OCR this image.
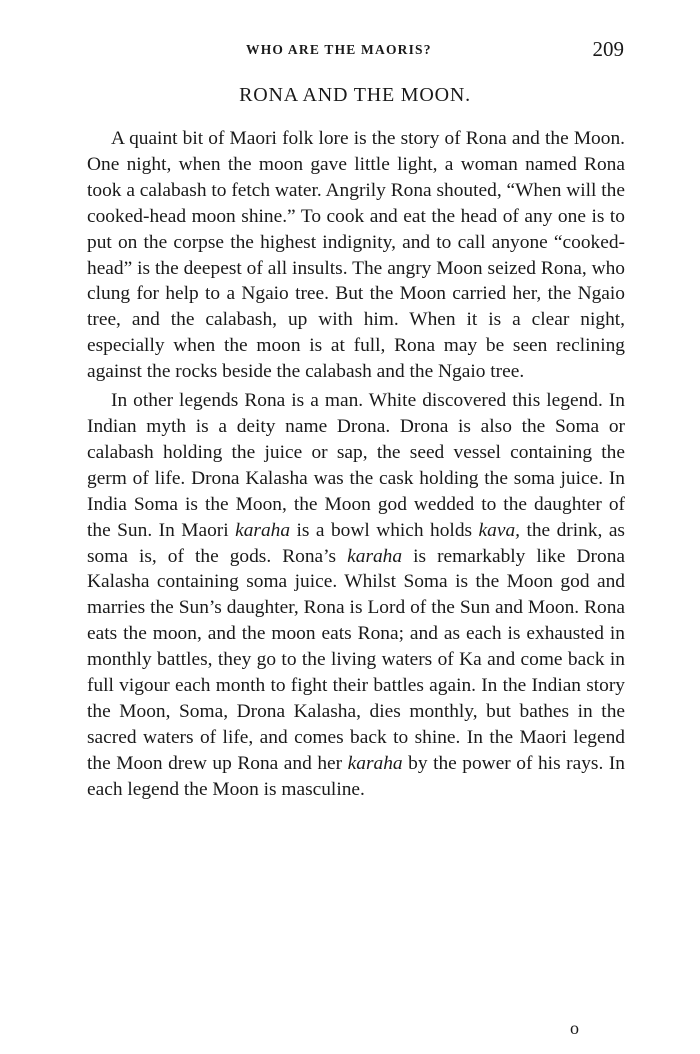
WHO ARE THE MAORIS?	209
RONA AND THE MOON.

A quaint bit of Maori folk lore is the story of Rona and the Moon. One night, when the moon gave little light, a woman named Rona took a calabash to fetch water. Angrily Rona shouted, “When will the cooked-head moon shine.” To cook and eat the head of any one is to put on the corpse the highest indignity, and to call anyone “cooked-head” is the deepest of all insults. The angry Moon seized Rona, who clung for help to a Ngaio tree. But the Moon carried her, the Ngaio tree, and the calabash, up with him. When it is a clear night, especially when the moon is at full, Rona may be seen reclining against the rocks beside the calabash and the Ngaio tree.

In other legends Rona is a man. White discovered this legend. In Indian myth is a deity name Drona. Drona is also the Soma or calabash holding the juice or sap, the seed vessel containing the germ of life. Drona Kalasha was the cask holding the soma juice. In India Soma is the Moon, the Moon god wedded to the daughter of the Sun. In Maori karaha is a bowl which holds kava, the drink, as soma is, of the gods. Rona’s karaha is remarkably like Drona Kalasha containing soma juice. Whilst Soma is the Moon god and marries the Sun’s daughter, Rona is Lord of the Sun and Moon. Rona eats the moon, and the moon eats Rona; and as each is exhausted in monthly battles, they go to the living waters of Ka and come back in full vigour each month to fight their battles again. In the Indian story the Moon, Soma, Drona Kalasha, dies monthly, but bathes in the sacred waters of life, and comes back to shine. In the Maori legend the Moon drew up Rona and her karaha by the power of his rays. In each legend the Moon is masculine.

o
